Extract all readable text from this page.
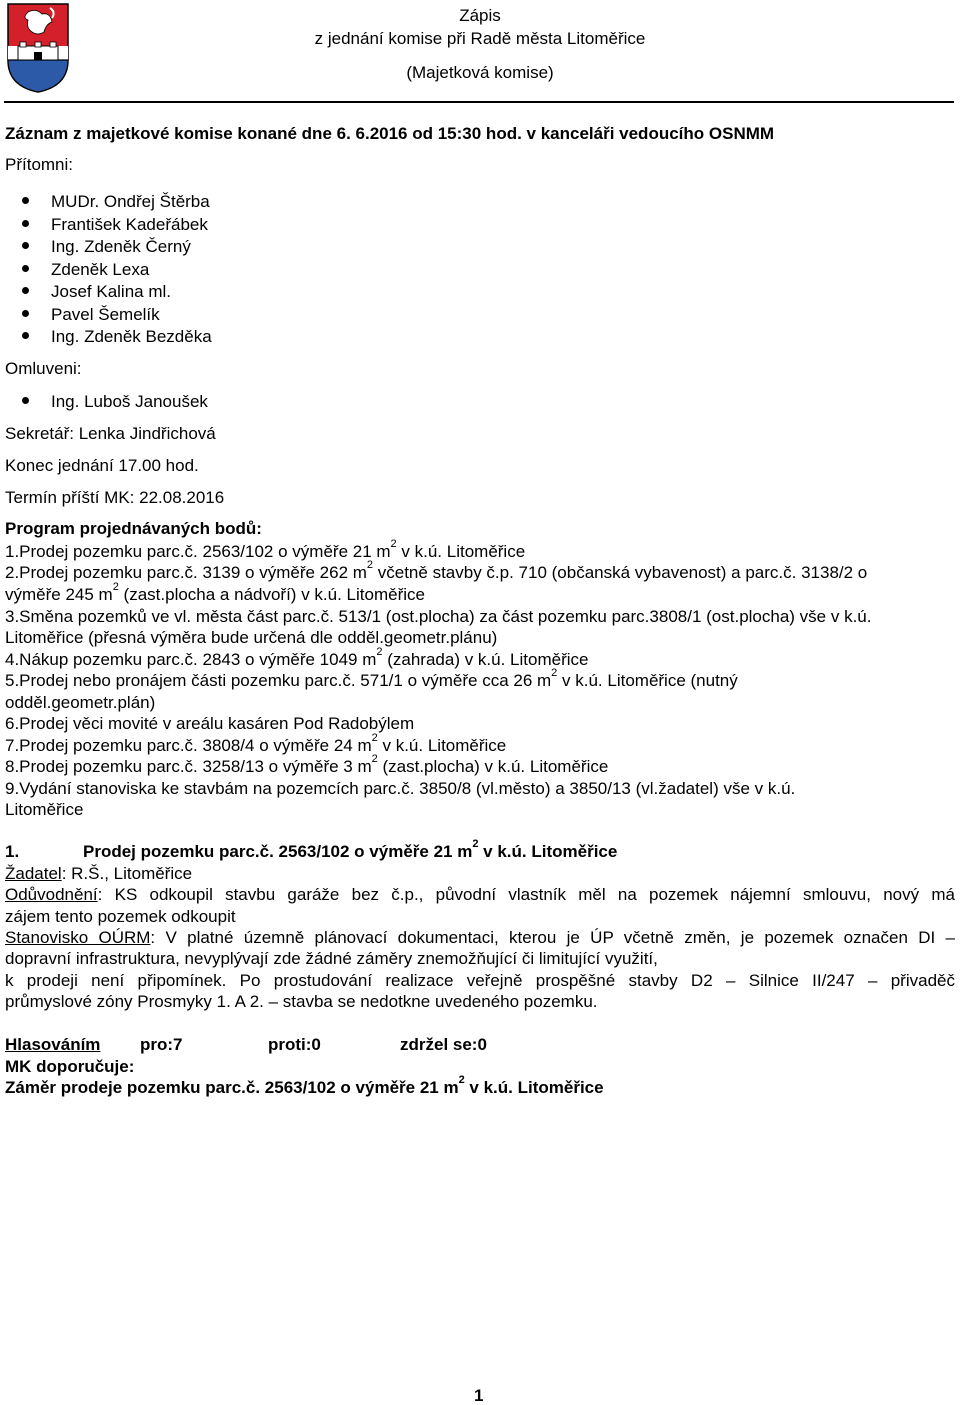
Zápis
z jednání komise při Radě města Litoměřice
(Majetková komise)
Záznam z majetkové komise konané dne 6. 6.2016 od 15:30 hod. v kanceláři vedoucího OSNMM
Přítomni:
MUDr. Ondřej Štěrba
František Kadeřábek
Ing. Zdeněk Černý
Zdeněk Lexa
Josef Kalina ml.
Pavel Šemelík
Ing. Zdeněk Bezděka
Omluveni:
Ing. Luboš Janoušek
Sekretář: Lenka Jindřichová
Konec jednání 17.00 hod.
Termín příští MK: 22.08.2016
Program projednávaných bodů:
1.Prodej pozemku parc.č. 2563/102 o výměře 21 $m^2$ v k.ú. Litoměřice
2.Prodej pozemku parc.č. 3139 o výměře 262 $m^2$ včetně stavby č.p. 710 (občanská vybavenost) a parc.č. 3138/2 o
výměře 245 $m^2$ (zast.plocha a nádvoří) v k.ú. Litoměřice
3.Směna pozemků ve vl. města část parc.č. 513/1 (ost.plocha) za část pozemku parc.3808/1 (ost.plocha) vše v k.ú.
Litoměřice (přesná výměra bude určená dle odděl.geometr.plánu)
4.Nákup pozemku parc.č. 2843 o výměře 1049 $m^2$ (zahrada) v k.ú. Litoměřice
5.Prodej nebo pronájem části pozemku parc.č. 571/1 o výměře cca 26 $m^2$ v k.ú. Litoměřice (nutný
odděl.geometr.plán)
6.Prodej věci movité v areálu kasáren Pod Radobýlem
7.Prodej pozemku parc.č. 3808/4 o výměře 24 $m^2$ v k.ú. Litoměřice
8.Prodej pozemku parc.č. 3258/13 o výměře 3 $m^2$ (zast.plocha) v k.ú. Litoměřice
9.Vydání stanoviska ke stavbám na pozemcích parc.č. 3850/8 (vl.město) a 3850/13 (vl.žadatel) vše v k.ú.
Litoměřice
1.	Prodej pozemku parc.č. 2563/102 o výměře 21 $m^2$ v k.ú. Litoměřice
Žadatel: R.Š., Litoměřice
Odůvodnění: KS odkoupil stavbu garáže bez č.p., původní vlastník měl na pozemek nájemní smlouvu, nový má
zájem tento pozemek odkoupit
Stanovisko OÚRM: V platné územně plánovací dokumentaci, kterou je ÚP včetně změn, je pozemek označen DI –
dopravní infrastruktura, nevyplývají zde žádné záměry znemožňující či limitující využití,
k prodeji není připomínek. Po prostudování realizace veřejně prospěšné stavby D2 – Silnice II/247 – přivaděč
průmyslové zóny Prosmyky 1. A 2. – stavba se nedotkne uvedeného pozemku.
Hlasováním pro:7	proti:0	zdržel se:0
MK doporučuje:
Záměr prodeje pozemku parc.č. 2563/102 o výměře 21 $m^2$ v k.ú. Litoměřice
1
